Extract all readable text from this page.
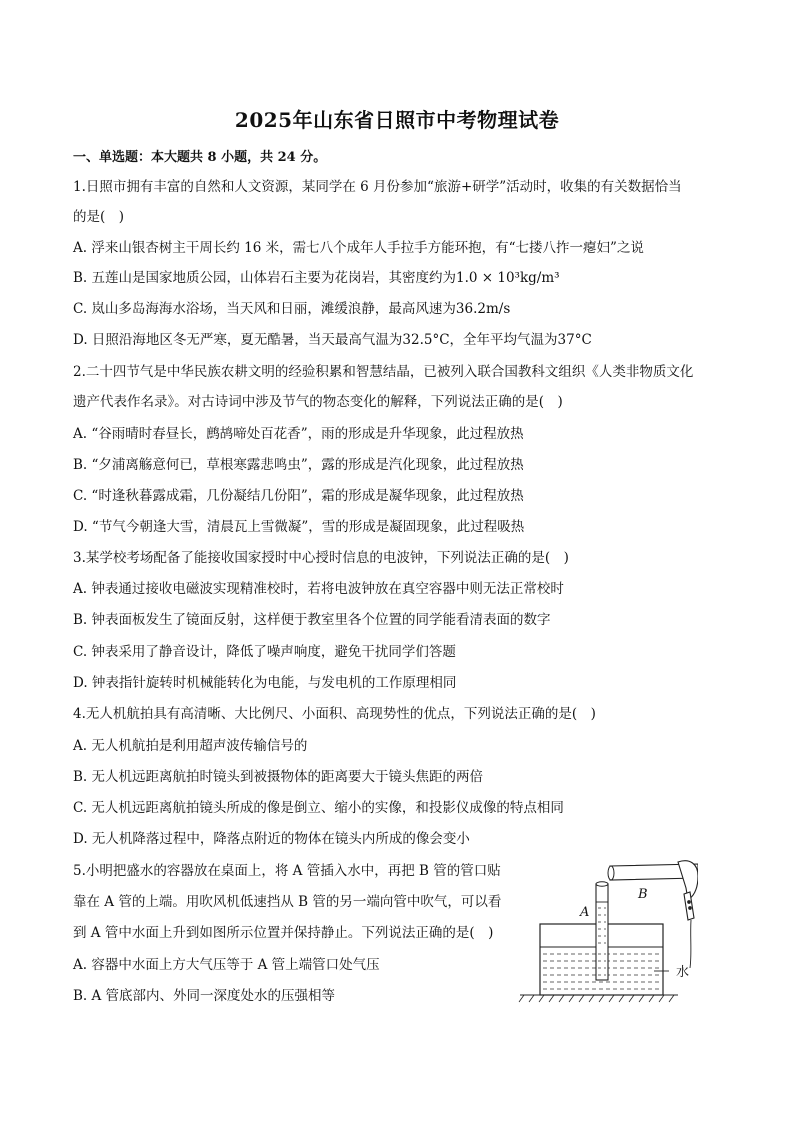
2025年山东省日照市中考物理试卷
一、单选题：本大题共 8 小题，共 24 分。
1.日照市拥有丰富的自然和人文资源，某同学在 6 月份参加“旅游+研学”活动时，收集的有关数据恰当
的是(　)
A. 浮来山银杏树主干周长约 16 米，需七八个成年人手拉手方能环抱，有“七搂八拃一瘪妇”之说
B. 五莲山是国家地质公园，山体岩石主要为花岗岩，其密度约为1.0 × 10³kg/m³
C. 岚山多岛海海水浴场，当天风和日丽，滩缓浪静，最高风速为36.2m/s
D. 日照沿海地区冬无严寒，夏无酷暑，当天最高气温为32.5°C，全年平均气温为37°C
2.二十四节气是中华民族农耕文明的经验积累和智慧结晶，已被列入联合国教科文组织《人类非物质文化
遗产代表作名录》。对古诗词中涉及节气的物态变化的解释，下列说法正确的是(　)
A. “谷雨晴时春昼长，鹧鸪啼处百花香”，雨的形成是升华现象，此过程放热
B. “夕浦离觞意何已，草根寒露悲鸣虫”，露的形成是汽化现象，此过程放热
C. “时逢秋暮露成霜，几份凝结几份阳”，霜的形成是凝华现象，此过程放热
D. “节气今朝逢大雪，清晨瓦上雪微凝”，雪的形成是凝固现象，此过程吸热
3.某学校考场配备了能接收国家授时中心授时信息的电波钟，下列说法正确的是(　)
A. 钟表通过接收电磁波实现精准校时，若将电波钟放在真空容器中则无法正常校时
B. 钟表面板发生了镜面反射，这样便于教室里各个位置的同学能看清表面的数字
C. 钟表采用了静音设计，降低了噪声响度，避免干扰同学们答题
D. 钟表指针旋转时机械能转化为电能，与发电机的工作原理相同
4.无人机航拍具有高清晰、大比例尺、小面积、高现势性的优点，下列说法正确的是(　)
A. 无人机航拍是利用超声波传输信号的
B. 无人机远距离航拍时镜头到被摄物体的距离要大于镜头焦距的两倍
C. 无人机远距离航拍镜头所成的像是倒立、缩小的实像，和投影仪成像的特点相同
D. 无人机降落过程中，降落点附近的物体在镜头内所成的像会变小
5.小明把盛水的容器放在桌面上，将 A 管插入水中，再把 B 管的管口贴
靠在 A 管的上端。用吹风机低速挡从 B 管的另一端向管中吹气，可以看
到 A 管中水面上升到如图所示位置并保持静止。下列说法正确的是(　)
A. 容器中水面上方大气压等于 A 管上端管口处气压
B. A 管底部内、外同一深度处水的压强相等
A
B
水
